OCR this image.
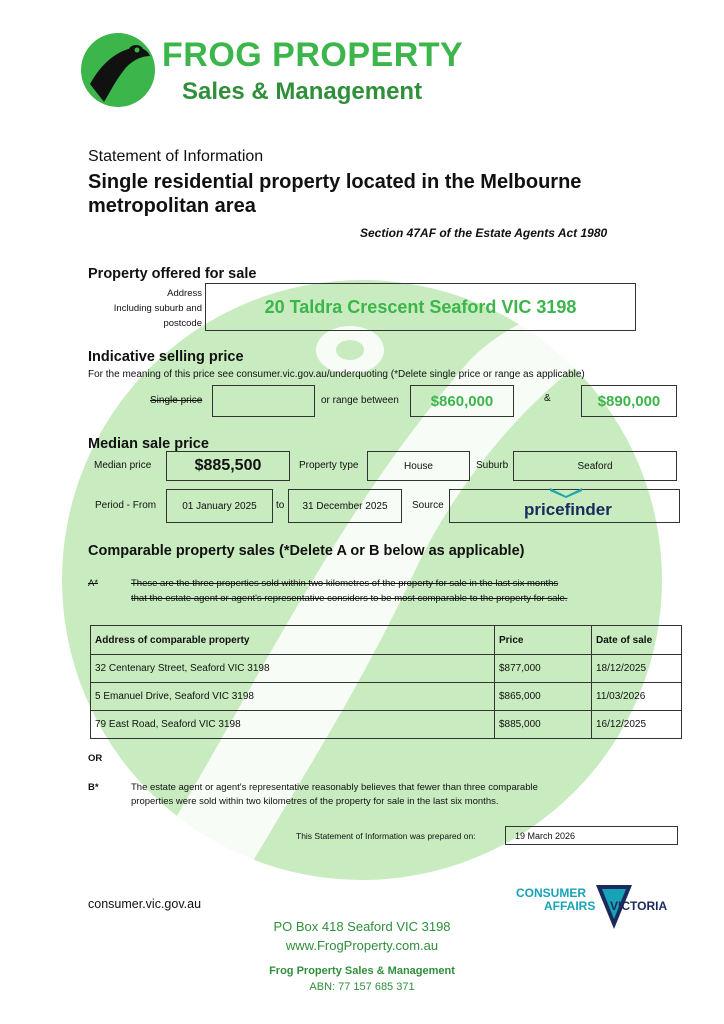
FROG PROPERTY
Sales & Management
Statement of Information
Single residential property located in the Melbourne metropolitan area
Section 47AF of the Estate Agents Act 1980
Property offered for sale
Address
Including suburb and
postcode
20 Taldra Crescent Seaford VIC 3198
Indicative selling price
For the meaning of this price see consumer.vic.gov.au/underquoting (*Delete single price or range as applicable)
Single price	or range between	$860,000	&	$890,000
Median sale price
Median price	$885,500	Property type	House	Suburb	Seaford
Period - From	01 January 2025	to	31 December 2025	Source	pricefinder
Comparable property sales (*Delete A or B below as applicable)
A*	These are the three properties sold within two kilometres of the property for sale in the last six months
that the estate agent or agent's representative considers to be most comparable to the property for sale.
Address of comparable property	Price	Date of sale
32 Centenary Street, Seaford VIC 3198	$877,000	18/12/2025
5 Emanuel Drive, Seaford VIC 3198	$865,000	11/03/2026
79 East Road, Seaford VIC 3198	$885,000	16/12/2025
OR
B*	The estate agent or agent's representative reasonably believes that fewer than three comparable
properties were sold within two kilometres of the property for sale in the last six months.
This Statement of Information was prepared on:	19 March 2026
consumer.vic.gov.au
CONSUMER
AFFAIRS VICTORIA
PO Box 418 Seaford VIC 3198
www.FrogProperty.com.au
Frog Property Sales & Management
ABN: 77 157 685 371
